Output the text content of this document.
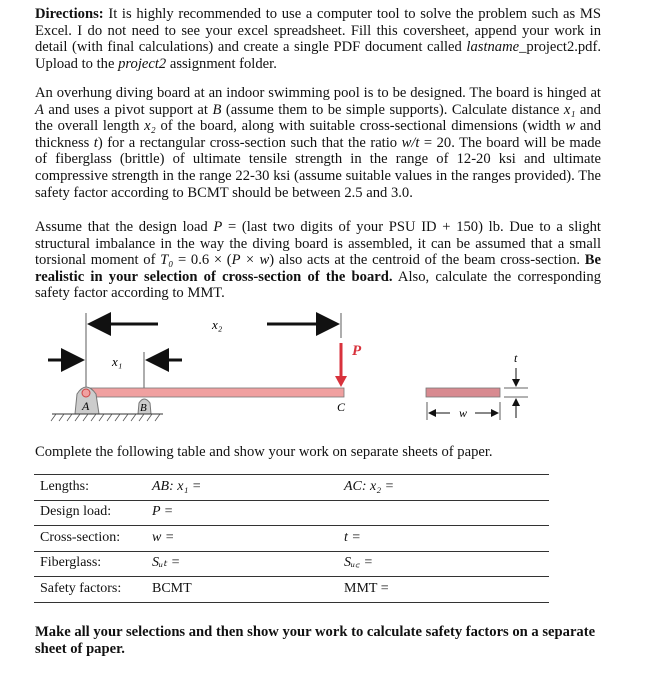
Directions: It is highly recommended to use a computer tool to solve the problem such as MS Excel. I do not need to see your excel spreadsheet. Fill this coversheet, append your work in detail (with final calculations) and create a single PDF document called lastname_project2.pdf. Upload to the project2 assignment folder.

An overhung diving board at an indoor swimming pool is to be designed. The board is hinged at A and uses a pivot support at B (assume them to be simple supports). Calculate distance x₁ and the overall length x₂ of the board, along with suitable cross-sectional dimensions (width w and thickness t) for a rectangular cross-section such that the ratio w/t = 20. The board will be made of fiberglass (brittle) of ultimate tensile strength in the range of 12-20 ksi and ultimate compressive strength in the range 22-30 ksi (assume suitable values in the ranges provided). The safety factor according to BCMT should be between 2.5 and 3.0.

Assume that the design load P = (last two digits of your PSU ID + 150) lb. Due to a slight structural imbalance in the way the diving board is assembled, it can be assumed that a small torsional moment of T₀ = 0.6 × (P × w) also acts at the centroid of the beam cross-section. Be realistic in your selection of cross-section of the board. Also, calculate the corresponding safety factor according to MMT.

x₂
x₁
P
A	B	C	w
t
Complete the following table and show your work on separate sheets of paper.
Lengths:	AB: x₁ =	AC: x₂ =
Design load:	P =	
Cross-section:	w =	t =
Fiberglass:	Sᵤₜ =	Sᵤ꜀ =
Safety factors:	BCMT	MMT =
Make all your selections and then show your work to calculate safety factors on a separate sheet of paper.
